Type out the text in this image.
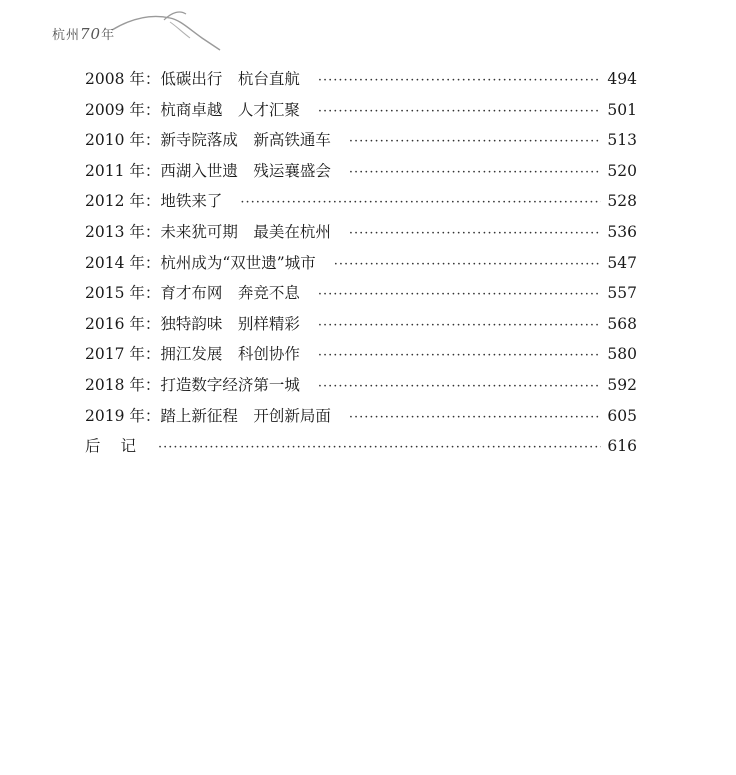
杭州70年
2008 年：低碳出行　杭台直航 ·····	494
2009 年：杭商卓越　人才汇聚 ·····	501
2010 年：新寺院落成　新高铁通车 ·····	513
2011 年：西湖入世遗　残运襄盛会 ·····	520
2012 年：地铁来了 ·····	528
2013 年：未来犹可期　最美在杭州 ·····	536
2014 年：杭州成为“双世遗”城市 ·····	547
2015 年：育才布网　奔竞不息 ·····	557
2016 年：独特韵味　别样精彩 ·····	568
2017 年：拥江发展　科创协作 ·····	580
2018 年：打造数字经济第一城 ·····	592
2019 年：踏上新征程　开创新局面 ·····	605
后记 ·····	616
